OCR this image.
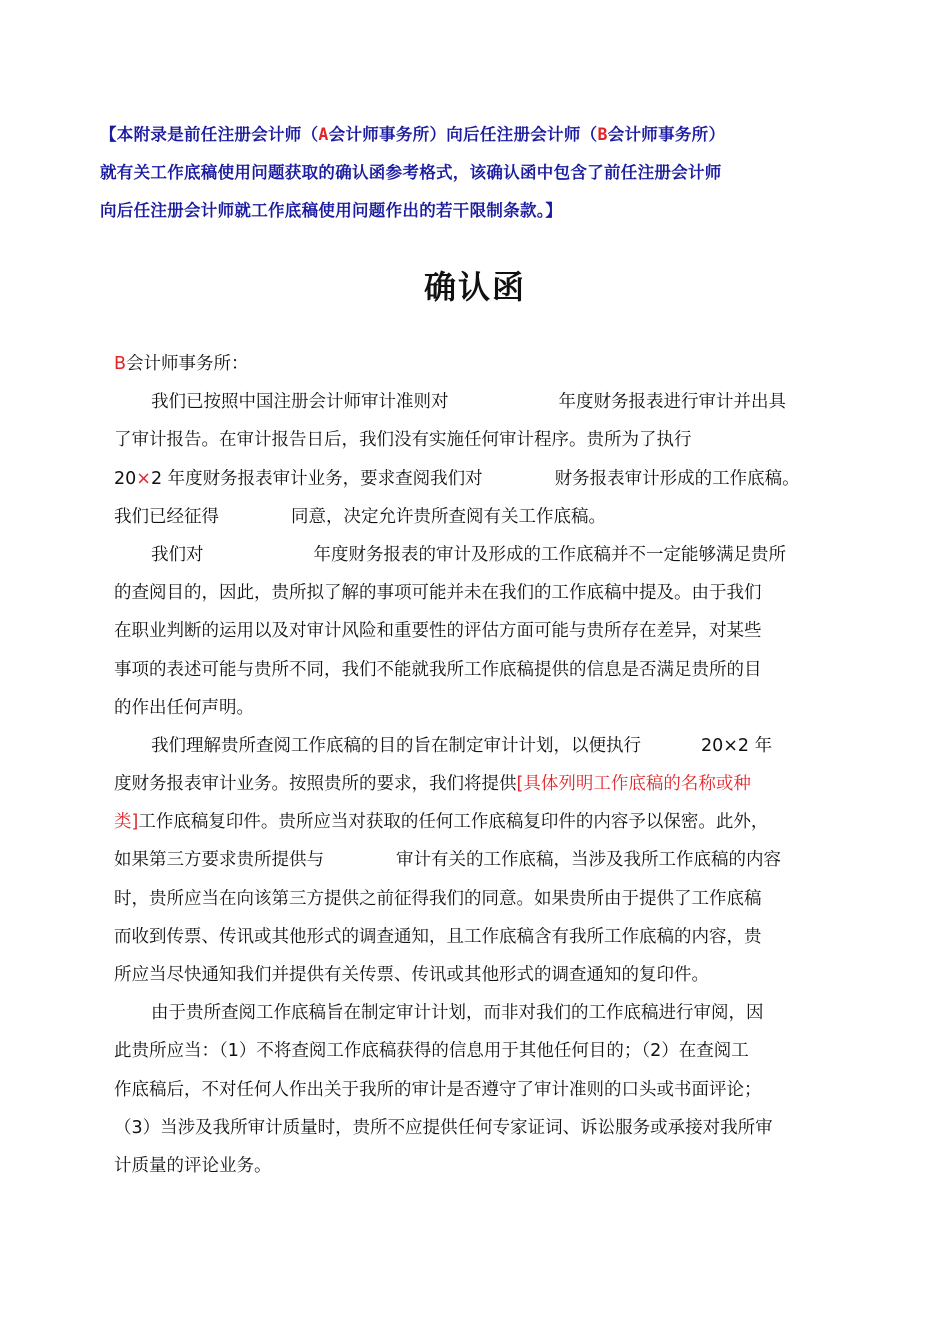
【本附录是前任注册会计师（A会计师事务所）向后任注册会计师（B会计师事务所）
就有关工作底稿使用问题获取的确认函参考格式，该确认函中包含了前任注册会计师
向后任注册会计师就工作底稿使用问题作出的若干限制条款。】
确认函
B会计师事务所：
我们已按照中国注册会计师审计准则对	年度财务报表进行审计并出具
了审计报告。在审计报告日后，我们没有实施任何审计程序。贵所为了执行
20×2 年度财务报表审计业务，要求查阅我们对	财务报表审计形成的工作底稿。
我们已经征得	同意，决定允许贵所查阅有关工作底稿。
我们对	年度财务报表的审计及形成的工作底稿并不一定能够满足贵所
的查阅目的，因此，贵所拟了解的事项可能并未在我们的工作底稿中提及。由于我们
在职业判断的运用以及对审计风险和重要性的评估方面可能与贵所存在差异，对某些
事项的表述可能与贵所不同，我们不能就我所工作底稿提供的信息是否满足贵所的目
的作出任何声明。
我们理解贵所查阅工作底稿的目的旨在制定审计计划，以便执行	20×2 年
度财务报表审计业务。按照贵所的要求，我们将提供[具体列明工作底稿的名称或种
类]工作底稿复印件。贵所应当对获取的任何工作底稿复印件的内容予以保密。此外，
如果第三方要求贵所提供与	审计有关的工作底稿，当涉及我所工作底稿的内容
时，贵所应当在向该第三方提供之前征得我们的同意。如果贵所由于提供了工作底稿
而收到传票、传讯或其他形式的调查通知，且工作底稿含有我所工作底稿的内容，贵
所应当尽快通知我们并提供有关传票、传讯或其他形式的调查通知的复印件。
由于贵所查阅工作底稿旨在制定审计计划，而非对我们的工作底稿进行审阅，因
此贵所应当：（1）不将查阅工作底稿获得的信息用于其他任何目的；（2）在查阅工
作底稿后，不对任何人作出关于我所的审计是否遵守了审计准则的口头或书面评论；
（3）当涉及我所审计质量时，贵所不应提供任何专家证词、诉讼服务或承接对我所审
计质量的评论业务。
